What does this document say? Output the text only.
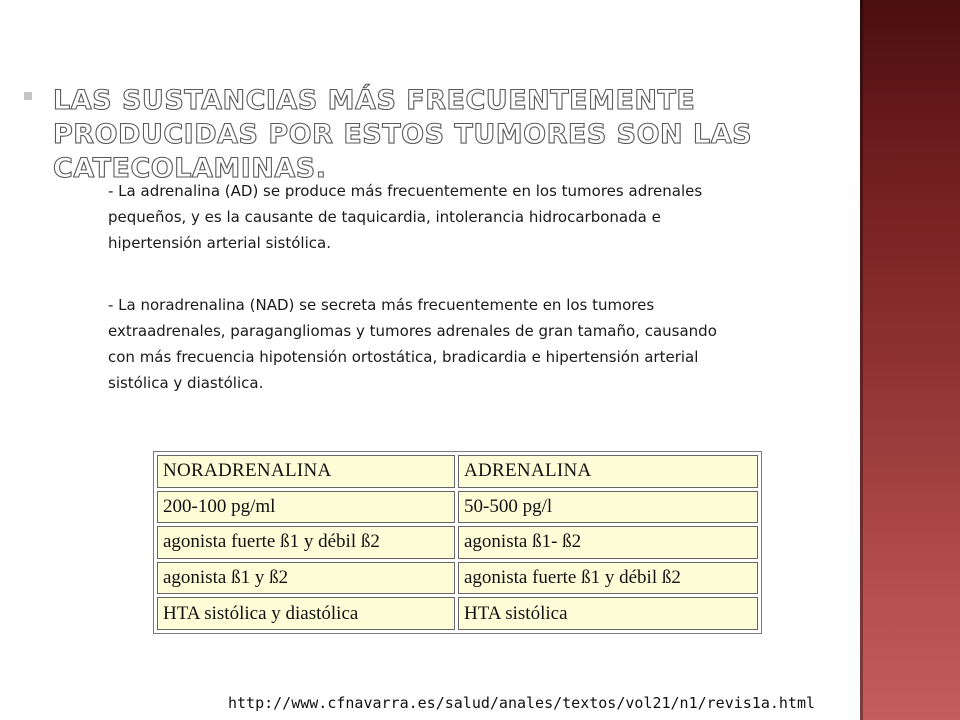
LAS SUSTANCIAS MÁS FRECUENTEMENTE PRODUCIDAS POR ESTOS TUMORES SON LAS CATECOLAMINAS.

- La adrenalina (AD) se produce más frecuentemente en los tumores adrenales pequeños, y es la causante de taquicardia, intolerancia hidrocarbonada e hipertensión arterial sistólica.

- La noradrenalina (NAD) se secreta más frecuentemente en los tumores extraadrenales, paragangliomas y tumores adrenales de gran tamaño, causando con más frecuencia hipotensión ortostática, bradicardia e hipertensión arterial sistólica y diastólica.

NORADRENALINA	ADRENALINA
200-100 pg/ml	50-500 pg/l
agonista fuerte ß1 y débil ß2	agonista ß1- ß2
agonista ß1 y ß2	agonista fuerte ß1 y débil ß2
HTA sistólica y diastólica	HTA sistólica

http://www.cfnavarra.es/salud/anales/textos/vol21/n1/revis1a.html
